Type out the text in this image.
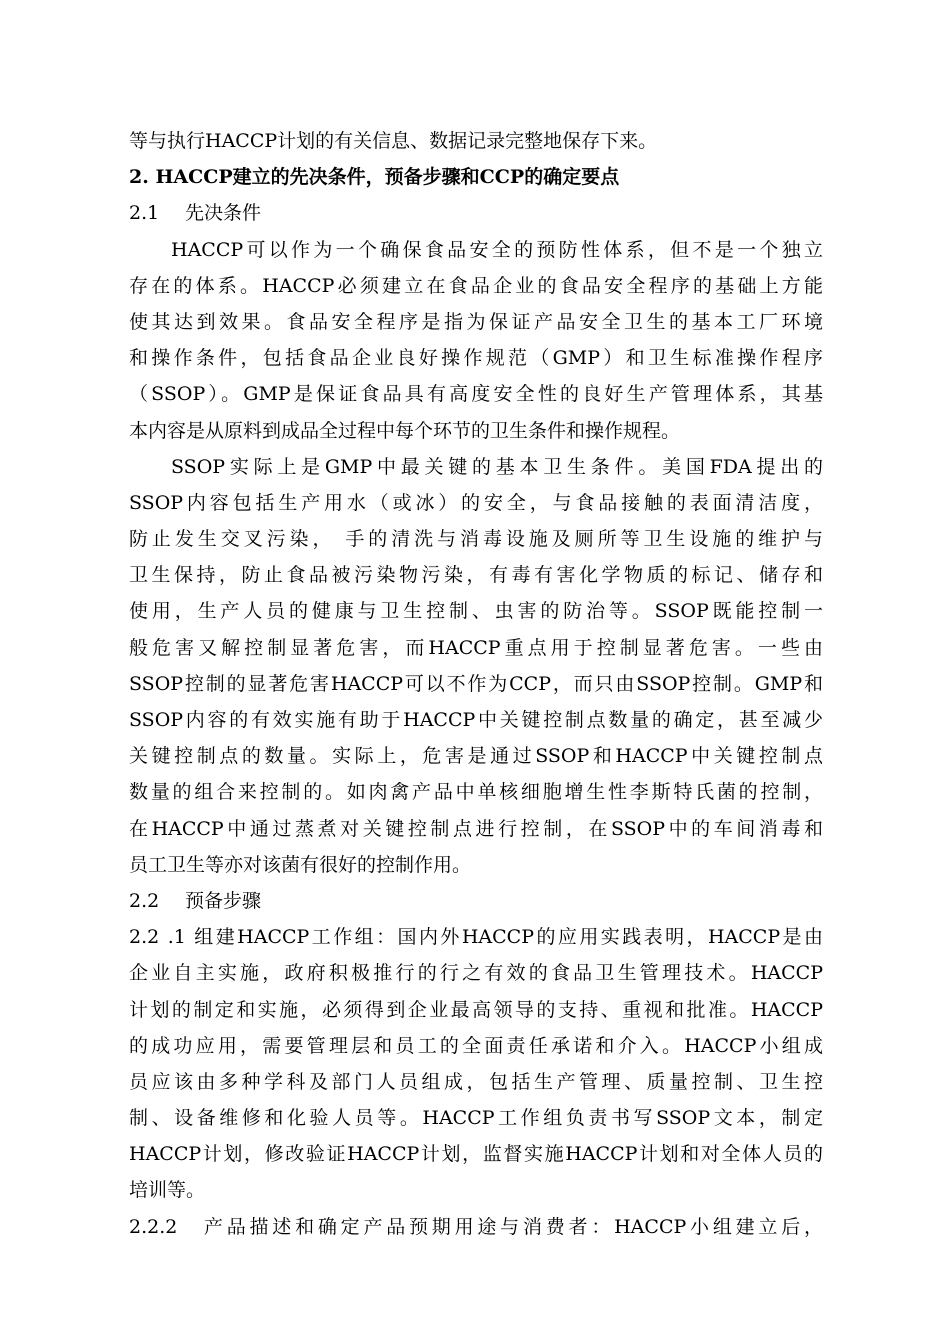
等与执行HACCP计划的有关信息、数据记录完整地保存下来。
2. HACCP建立的先决条件，预备步骤和CCP的确定要点
2.1 先决条件
HACCP可以作为一个确保食品安全的预防性体系，但不是一个独立
存在的体系。HACCP必须建立在食品企业的食品安全程序的基础上方能
使其达到效果。食品安全程序是指为保证产品安全卫生的基本工厂环境
和操作条件，包括食品企业良好操作规范（GMP）和卫生标准操作程序
（SSOP）。GMP是保证食品具有高度安全性的良好生产管理体系，其基
本内容是从原料到成品全过程中每个环节的卫生条件和操作规程。
SSOP实际上是GMP中最关键的基本卫生条件。美国FDA提出的
SSOP内容包括生产用水（或冰）的安全，与食品接触的表面清洁度，
防止发生交叉污染， 手的清洗与消毒设施及厕所等卫生设施的维护与
卫生保持，防止食品被污染物污染，有毒有害化学物质的标记、储存和
使用，生产人员的健康与卫生控制、虫害的防治等。SSOP既能控制一
般危害又解控制显著危害，而HACCP重点用于控制显著危害。一些由
SSOP控制的显著危害HACCP可以不作为CCP，而只由SSOP控制。GMP和
SSOP内容的有效实施有助于HACCP中关键控制点数量的确定，甚至减少
关键控制点的数量。实际上，危害是通过SSOP和HACCP中关键控制点
数量的组合来控制的。如肉禽产品中单核细胞增生性李斯特氏菌的控制，
在HACCP中通过蒸煮对关键控制点进行控制，在SSOP中的车间消毒和
员工卫生等亦对该菌有很好的控制作用。
2.2 预备步骤
2.2 .1 组建HACCP工作组：国内外HACCP的应用实践表明，HACCP是由
企业自主实施，政府积极推行的行之有效的食品卫生管理技术。HACCP
计划的制定和实施，必须得到企业最高领导的支持、重视和批准。HACCP
的成功应用，需要管理层和员工的全面责任承诺和介入。HACCP小组成
员应该由多种学科及部门人员组成，包括生产管理、质量控制、卫生控
制、设备维修和化验人员等。HACCP工作组负责书写SSOP文本，制定
HACCP计划，修改验证HACCP计划，监督实施HACCP计划和对全体人员的
培训等。
2.2.2　产品描述和确定产品预期用途与消费者：HACCP小组建立后，
